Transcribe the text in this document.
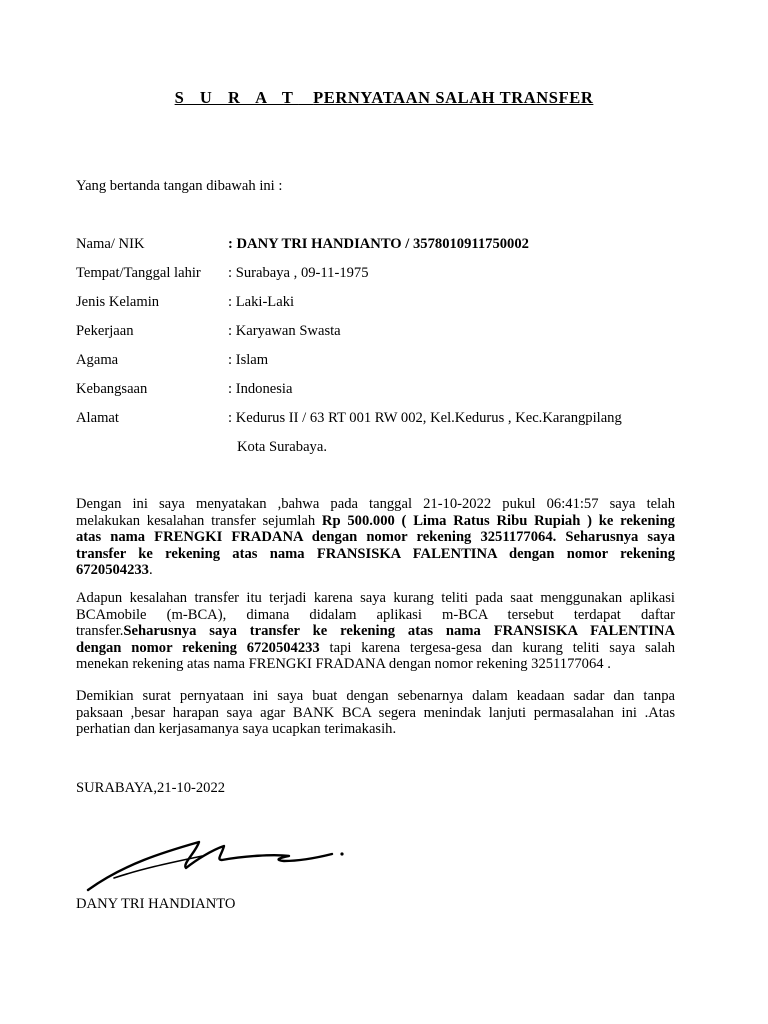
S U R A T PERNYATAAN SALAH TRANSFER
Yang bertanda tangan dibawah ini :
Nama/ NIK	: DANY TRI HANDIANTO / 3578010911750002
Tempat/Tanggal lahir : Surabaya , 09-11-1975
Jenis Kelamin	: Laki-Laki
Pekerjaan	: Karyawan Swasta
Agama	: Islam
Kebangsaan	: Indonesia
Alamat	: Kedurus II / 63 RT 001 RW 002, Kel.Kedurus , Kec.Karangpilang
Kota Surabaya.
Dengan ini saya menyatakan ,bahwa pada tanggal 21-10-2022 pukul 06:41:57 saya telah
melakukan kesalahan transfer sejumlah Rp 500.000 ( Lima Ratus Ribu Rupiah ) ke rekening
atas nama FRENGKI FRADANA dengan nomor rekening 3251177064. Seharusnya saya
transfer ke rekening atas nama FRANSISKA FALENTINA dengan nomor rekening
6720504233.
Adapun kesalahan transfer itu terjadi karena saya kurang teliti pada saat menggunakan aplikasi
BCAmobile (m-BCA), dimana didalam aplikasi m-BCA tersebut terdapat daftar
transfer.Seharusnya saya transfer ke rekening atas nama FRANSISKA FALENTINA
dengan nomor rekening 6720504233 tapi karena tergesa-gesa dan kurang teliti saya salah
menekan rekening atas nama FRENGKI FRADANA dengan nomor rekening 3251177064 .
Demikian surat pernyataan ini saya buat dengan sebenarnya dalam keadaan sadar dan tanpa
paksaan ,besar harapan saya agar BANK BCA segera menindak lanjuti permasalahan ini .Atas
perhatian dan kerjasamanya saya ucapkan terimakasih.
SURABAYA,21-10-2022
DANY TRI HANDIANTO
